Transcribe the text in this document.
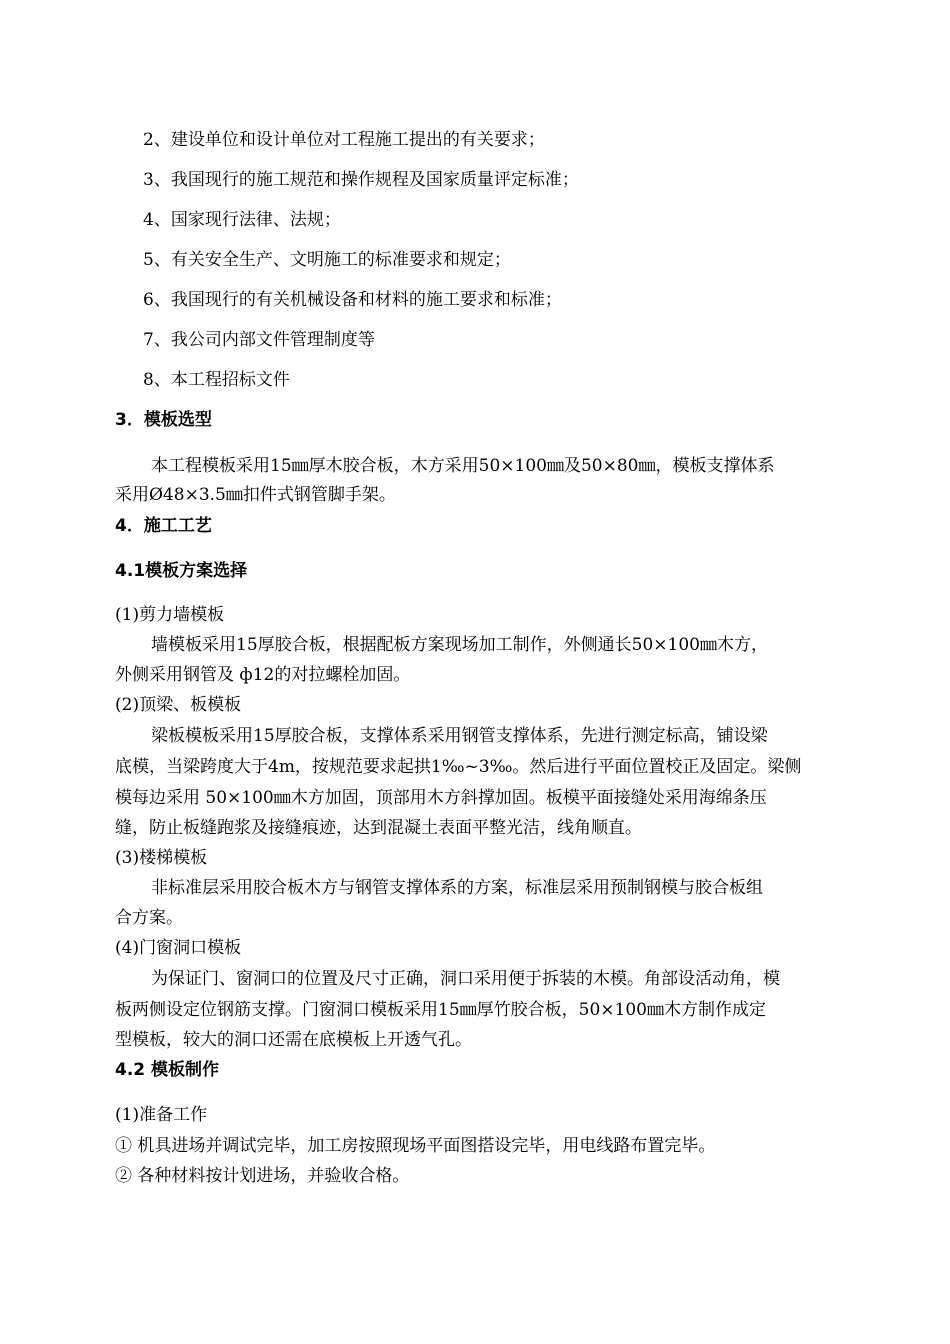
2、建设单位和设计单位对工程施工提出的有关要求；

3、我国现行的施工规范和操作规程及国家质量评定标准；

4、国家现行法律、法规；

5、有关安全生产、文明施工的标准要求和规定；

6、我国现行的有关机械设备和材料的施工要求和标准；

7、我公司内部文件管理制度等

8、本工程招标文件

3．模板选型

本工程模板采用15㎜厚木胶合板，木方采用50×100㎜及50×80㎜，模板支撑体系

采用Ø48×3.5㎜扣件式钢管脚手架。

4．施工工艺

4.1模板方案选择

(1)剪力墙模板

墙模板采用15厚胶合板，根据配板方案现场加工制作，外侧通长50×100㎜木方，

外侧采用钢管及 ф12的对拉螺栓加固。

(2)顶梁、板模板

梁板模板采用15厚胶合板，支撑体系采用钢管支撑体系，先进行测定标高，铺设梁

底模，当梁跨度大于4m，按规范要求起拱1‰~3‰。然后进行平面位置校正及固定。梁侧

模每边采用 50×100㎜木方加固，顶部用木方斜撑加固。板模平面接缝处采用海绵条压

缝，防止板缝跑浆及接缝痕迹，达到混凝土表面平整光洁，线角顺直。

(3)楼梯模板

非标准层采用胶合板木方与钢管支撑体系的方案，标准层采用预制钢模与胶合板组

合方案。

(4)门窗洞口模板

为保证门、窗洞口的位置及尺寸正确，洞口采用便于拆装的木模。角部设活动角，模

板两侧设定位钢筋支撑。门窗洞口模板采用15㎜厚竹胶合板，50×100㎜木方制作成定

型模板，较大的洞口还需在底模板上开透气孔。

4.2 模板制作

(1)准备工作

① 机具进场并调试完毕，加工房按照现场平面图搭设完毕，用电线路布置完毕。

② 各种材料按计划进场，并验收合格。
